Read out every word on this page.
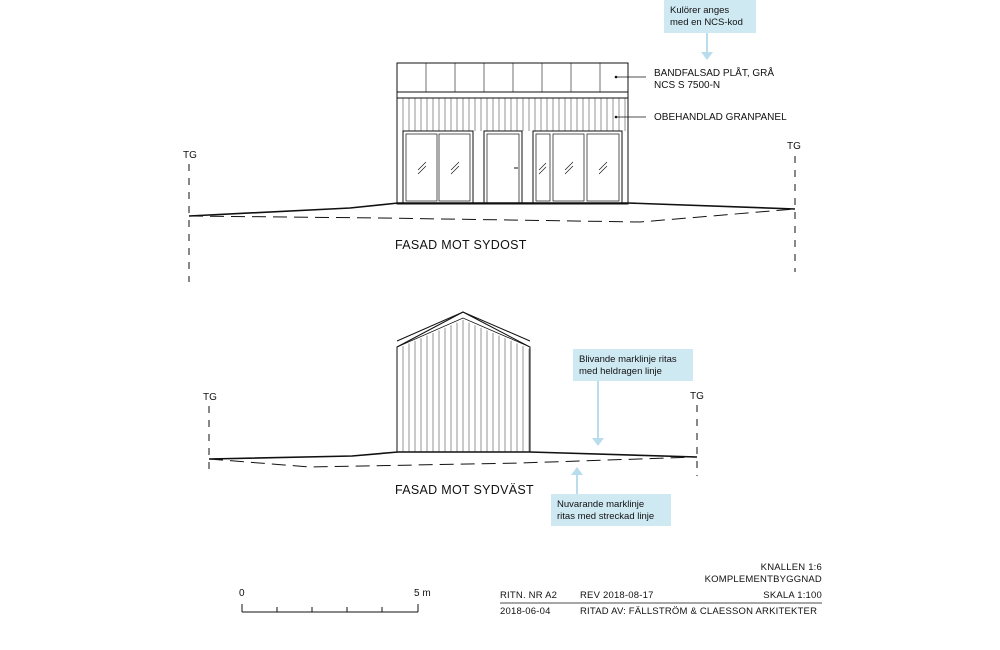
Kulörer anges
med en NCS-kod
BANDFALSAD PLÅT, GRÅ
NCS S 7500-N
OBEHANDLAD GRANPANEL
TG
TG
FASAD MOT SYDOST
TG	TG
FASAD MOT SYDVÄST
Blivande marklinje ritas
med heldragen linje
Nuvarande marklinje
ritas med streckad linje
0	5 m
KNALLEN 1:6
KOMPLEMENTBYGGNAD
RITN. NR A2 REV 2018-08-17	SKALA 1:100
2018-06-04	RITAD AV: FÄLLSTRÖM & CLAESSON ARKITEKTER
